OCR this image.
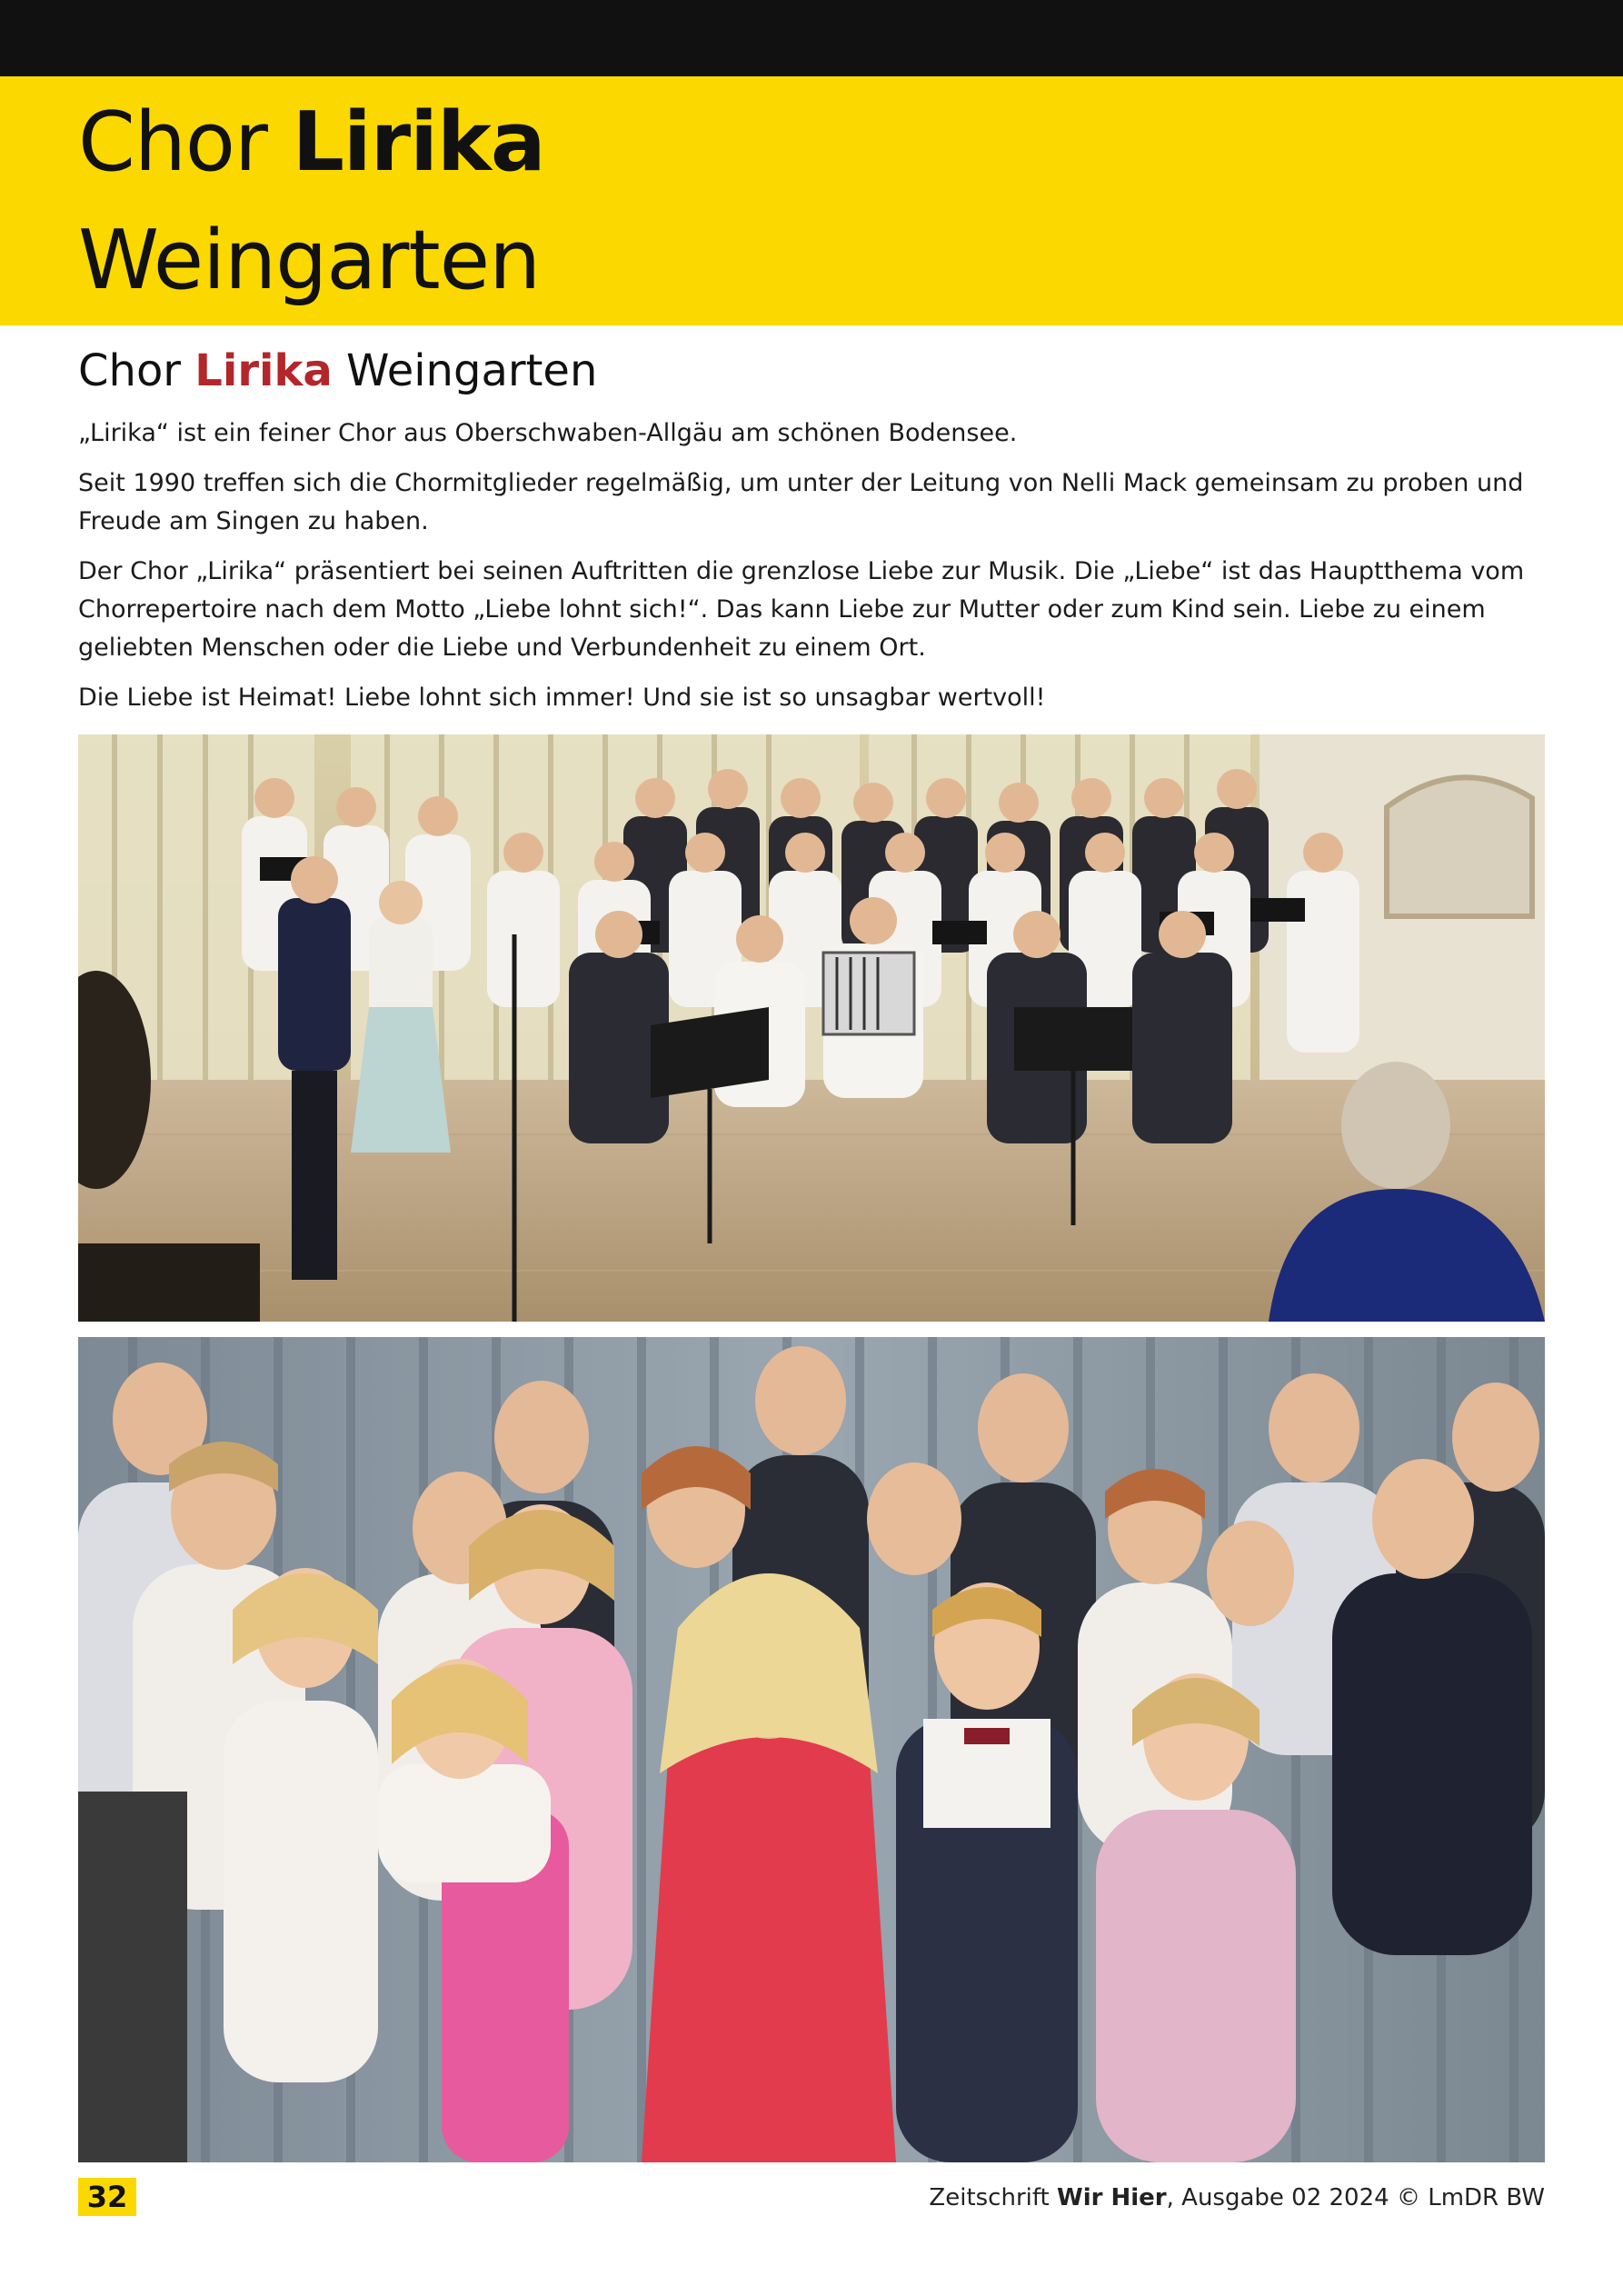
Chor Lirika
Weingarten
Chor Lirika Weingarten

„Lirika“ ist ein feiner Chor aus Oberschwaben-Allgäu am schönen Bodensee.

Seit 1990 treffen sich die Chormitglieder regelmäßig, um unter der Leitung von Nelli Mack gemeinsam zu proben und Freude am Singen zu haben.

Der Chor „Lirika“ präsentiert bei seinen Auftritten die grenzlose Liebe zur Musik. Die „Liebe“ ist das Hauptthema vom Chorrepertoire nach dem Motto „Liebe lohnt sich!“. Das kann Liebe zur Mutter oder zum Kind sein. Liebe zu einem geliebten Menschen oder die Liebe und Verbundenheit zu einem Ort.

Die Liebe ist Heimat! Liebe lohnt sich immer! Und sie ist so unsagbar wertvoll!

32	Zeitschrift Wir Hier, Ausgabe 02 2024 © LmDR BW
